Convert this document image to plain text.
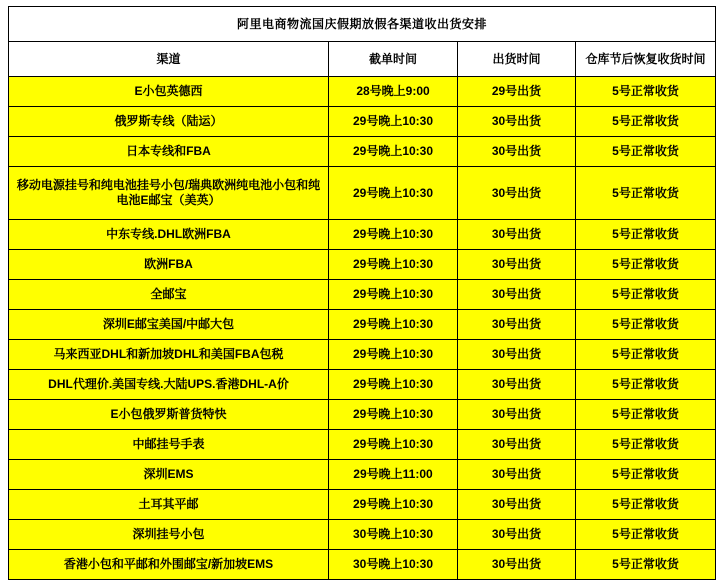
阿里电商物流国庆假期放假各渠道收出货安排			
渠道	截单时间	出货时间	仓库节后恢复收货时间
E小包英德西	28号晚上9:00	29号出货	5号正常收货
俄罗斯专线（陆运）	29号晚上10:30	30号出货	5号正常收货
日本专线和FBA	29号晚上10:30	30号出货	5号正常收货
移动电源挂号和纯电池挂号小包/瑞典欧洲纯电池小包和纯电池E邮宝（美英）	29号晚上10:30	30号出货	5号正常收货
中东专线.DHL欧洲FBA	29号晚上10:30	30号出货	5号正常收货
欧洲FBA	29号晚上10:30	30号出货	5号正常收货
全邮宝	29号晚上10:30	30号出货	5号正常收货
深圳E邮宝美国/中邮大包	29号晚上10:30	30号出货	5号正常收货
马来西亚DHL和新加坡DHL和美国FBA包税	29号晚上10:30	30号出货	5号正常收货
DHL代理价.美国专线.大陆UPS.香港DHL-A价	29号晚上10:30	30号出货	5号正常收货
E小包俄罗斯普货特快	29号晚上10:30	30号出货	5号正常收货
中邮挂号手表	29号晚上10:30	30号出货	5号正常收货
深圳EMS	29号晚上11:00	30号出货	5号正常收货
土耳其平邮	29号晚上10:30	30号出货	5号正常收货
深圳挂号小包	30号晚上10:30	30号出货	5号正常收货
香港小包和平邮和外围邮宝/新加坡EMS	30号晚上10:30	30号出货	5号正常收货
